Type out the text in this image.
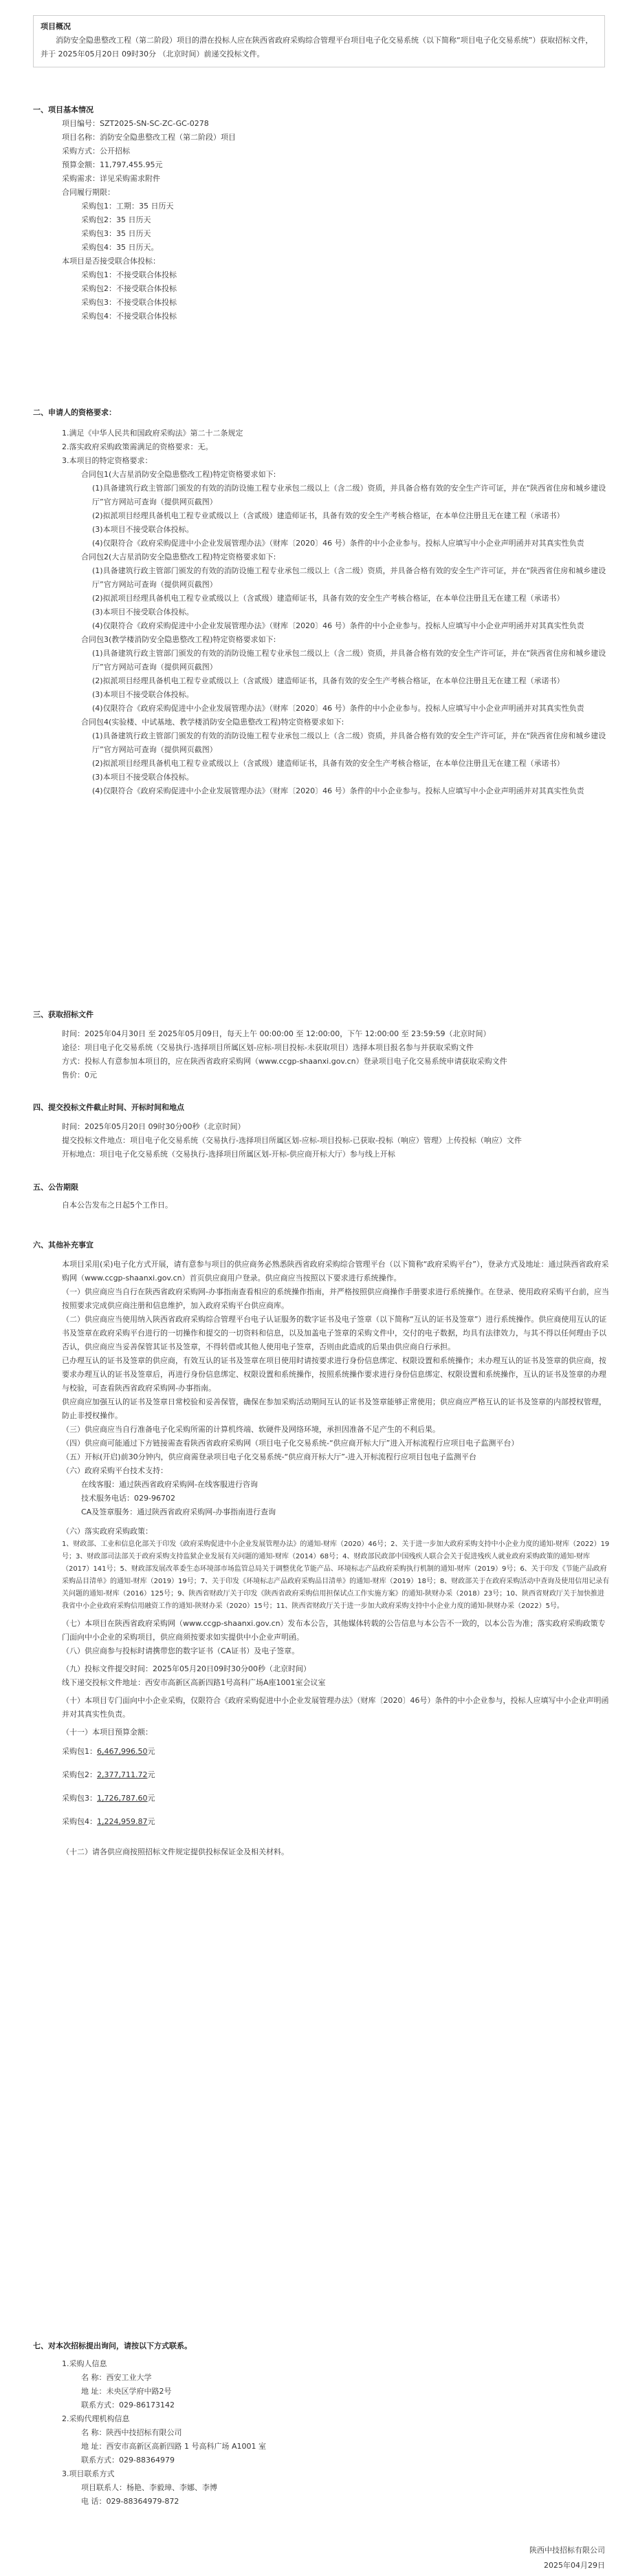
项目概况
消防安全隐患整改工程（第二阶段）项目的潜在投标人应在陕西省政府采购综合管理平台项目电子化交易系统（以下简称“项目电子化交易系统”）获取招标文件，并于 2025年05月20日 09时30分 （北京时间）前递交投标文件。
一、项目基本情况
项目编号：SZT2025-SN-SC-ZC-GC-0278
项目名称：消防安全隐患整改工程（第二阶段）项目
采购方式：公开招标
预算金额：11,797,455.95元
采购需求：详见采购需求附件
合同履行期限：
采购包1：工期：35 日历天
采购包2：35 日历天
采购包3：35 日历天
采购包4：35 日历天。
本项目是否接受联合体投标：
采购包1：不接受联合体投标
采购包2：不接受联合体投标
采购包3：不接受联合体投标
采购包4：不接受联合体投标
二、申请人的资格要求：
1.满足《中华人民共和国政府采购法》第二十二条规定
2.落实政府采购政策需满足的资格要求：无。
3.本项目的特定资格要求：
合同包1(大吉星消防安全隐患整改工程)特定资格要求如下:
(1)具备建筑行政主管部门颁发的有效的消防设施工程专业承包二级以上（含二级）资质，并具备合格有效的安全生产许可证，并在“陕西省住房和城乡建设厅”官方网站可查询（提供网页截图）
(2)拟派项目经理具备机电工程专业贰级以上（含贰级）建造师证书，具备有效的安全生产考核合格证，在本单位注册且无在建工程（承诺书）
(3)本项目不接受联合体投标。
(4)仅限符合《政府采购促进中小企业发展管理办法》（财库〔2020〕46 号）条件的中小企业参与。投标人应填写中小企业声明函并对其真实性负责
合同包2(大吉星消防安全隐患整改工程)特定资格要求如下:
(1)具备建筑行政主管部门颁发的有效的消防设施工程专业承包二级以上（含二级）资质，并具备合格有效的安全生产许可证，并在“陕西省住房和城乡建设厅”官方网站可查询（提供网页截图）
(2)拟派项目经理具备机电工程专业贰级以上（含贰级）建造师证书，具备有效的安全生产考核合格证，在本单位注册且无在建工程（承诺书）
(3)本项目不接受联合体投标。
(4)仅限符合《政府采购促进中小企业发展管理办法》（财库〔2020〕46 号）条件的中小企业参与。投标人应填写中小企业声明函并对其真实性负责
合同包3(教学楼消防安全隐患整改工程)特定资格要求如下:
(1)具备建筑行政主管部门颁发的有效的消防设施工程专业承包二级以上（含二级）资质，并具备合格有效的安全生产许可证，并在“陕西省住房和城乡建设厅”官方网站可查询（提供网页截图）
(2)拟派项目经理具备机电工程专业贰级以上（含贰级）建造师证书，具备有效的安全生产考核合格证，在本单位注册且无在建工程（承诺书）
(3)本项目不接受联合体投标。
(4)仅限符合《政府采购促进中小企业发展管理办法》（财库〔2020〕46 号）条件的中小企业参与。投标人应填写中小企业声明函并对其真实性负责
合同包4(实验楼、中试基地、教学楼消防安全隐患整改工程)特定资格要求如下:
(1)具备建筑行政主管部门颁发的有效的消防设施工程专业承包二级以上（含二级）资质，并具备合格有效的安全生产许可证，并在“陕西省住房和城乡建设厅”官方网站可查询（提供网页截图）
(2)拟派项目经理具备机电工程专业贰级以上（含贰级）建造师证书，具备有效的安全生产考核合格证，在本单位注册且无在建工程（承诺书）
(3)本项目不接受联合体投标。
(4)仅限符合《政府采购促进中小企业发展管理办法》（财库〔2020〕46 号）条件的中小企业参与。投标人应填写中小企业声明函并对其真实性负责
三、获取招标文件
时间：2025年04月30日 至 2025年05月09日，每天上午 00:00:00 至 12:00:00，下午 12:00:00 至 23:59:59（北京时间）
途径：项目电子化交易系统（交易执行-选择项目所属区划-应标-项目投标-未获取项目）选择本项目报名参与并获取采购文件
方式：投标人有意参加本项目的，应在陕西省政府采购网（www.ccgp-shaanxi.gov.cn）登录项目电子化交易系统申请获取采购文件
售价：0元
四、提交投标文件截止时间、开标时间和地点
时间：2025年05月20日 09时30分00秒（北京时间）
提交投标文件地点：项目电子化交易系统（交易执行-选择项目所属区划-应标-项目投标-已获取-投标（响应）管理）上传投标（响应）文件
开标地点：项目电子化交易系统（交易执行-选择项目所属区划-开标-供应商开标大厅）参与线上开标
五、公告期限
自本公告发布之日起5个工作日。
六、其他补充事宜
本项目采用(采)电子化方式开展，请有意参与项目的供应商务必熟悉陕西省政府采购综合管理平台（以下简称“政府采购平台”），登录方式及地址：通过陕西省政府采购网（www.ccgp-shaanxi.gov.cn）首页供应商用户登录。供应商应当按照以下要求进行系统操作。
（一）供应商应当自行在陕西省政府采购网-办事指南查看相应的系统操作指南，并严格按照供应商操作手册要求进行系统操作。在登录、使用政府采购平台前，应当按照要求完成供应商注册和信息维护，加入政府采购平台供应商库。
（二）供应商应当使用纳入陕西省政府采购综合管理平台电子认证服务的数字证书及电子签章（以下简称“互认的证书及签章”）进行系统操作。供应商使用互认的证书及签章在政府采购平台进行的一切操作和提交的一切资料和信息，以及加盖电子签章的采购文件中，交付的电子数据，均具有法律效力，与其不得以任何理由予以否认，供应商应当妥善保管其证书及签章，不得转借或其他人使用电子签章，否则由此造成的后果由供应商自行承担。
已办理互认的证书及签章的供应商，有效互认的证书及签章在项目使用时请按要求进行身份信息绑定、权限设置和系统操作；未办理互认的证书及签章的供应商，按要求办理互认的证书及签章后，再进行身份信息绑定、权限设置和系统操作，按照系统操作要求进行身份信息绑定、权限设置和系统操作，互认的证书及签章的办理与校验，可查看陕西省政府采购网-办事指南。
供应商应加强互认的证书及签章日常校验和妥善保管，确保在参加采购活动期间互认的证书及签章能够正常使用；供应商应严格互认的证书及签章的内部授权管理，防止非授权操作。
（三）供应商应当自行准备电子化采购所需的计算机终端、软硬件及网络环境，承担因准备不足产生的不利后果。
（四）供应商可能通过下方链接需查看陕西省政府采购网（项目电子化交易系统-“供应商开标大厅”进入开标流程行应项目电子监测平台）
（五）开标(开启)前30分钟内，供应商需登录项目电子化交易系统-“供应商开标大厅”-进入开标流程行应项目包电子监测平台
（六）政府采购平台技术支持：
在线客服：通过陕西省政府采购网-在线客服进行咨询
技术服务电话：029-96702
CA及签章服务：通过陕西省政府采购网-办事指南进行查询
（六）落实政府采购政策：
1、财政部、工业和信息化部关于印发《政府采购促进中小企业发展管理办法》的通知-财库（2020）46号；2、关于进一步加大政府采购支持中小企业力度的通知-财库（2022）19号；3、财政部司法部关于政府采购支持监狱企业发展有关问题的通知-财库（2014）68号；4、财政部民政部中国残疾人联合会关于促进残疾人就业政府采购政策的通知-财库（2017）141号；5、财政部发展改革委生态环境部市场监管总局关于调整优化节能产品、环境标志产品政府采购执行机制的通知-财库（2019）9号；6、关于印发《节能产品政府采购品目清单》的通知-财库（2019）19号；7、关于印发《环境标志产品政府采购品目清单》的通知-财库（2019）18号；8、财政部关于在政府采购活动中查询及使用信用记录有关问题的通知-财库（2016）125号；9、陕西省财政厅关于印发《陕西省政府采购信用担保试点工作实施方案》的通知-陕财办采（2018）23号；10、陕西省财政厅关于加快推进我省中小企业政府采购信用融资工作的通知-陕财办采（2020）15号；11、陕西省财政厅关于进一步加大政府采购支持中小企业力度的通知-陕财办采（2022）5号。
（七）本项目在陕西省政府采购网（www.ccgp-shaanxi.gov.cn）发布本公告，其他媒体转载的公告信息与本公告不一致的，以本公告为准；落实政府采购政策专门面向中小企业的采购项目，供应商须按要求如实提供中小企业声明函。
（八）供应商参与投标时请携带您的数字证书（CA证书）及电子签章。
（九）投标文件提交时间：2025年05月20日09时30分00秒（北京时间）
线下递交投标文件地址：西安市高新区高新四路1号高科广场A座1001室会议室
（十）本项目专门面向中小企业采购，仅限符合《政府采购促进中小企业发展管理办法》（财库〔2020〕46号）条件的中小企业参与，投标人应填写中小企业声明函并对其真实性负责。
（十一）本项目预算金额：
采购包1：6,467,996.50元
采购包2：2,377,711.72元
采购包3：1,726,787.60元
采购包4：1,224,959.87元
（十二）请各供应商按照招标文件规定提供投标保证金及相关材料。
七、对本次招标提出询问，请按以下方式联系。
1.采购人信息
名 称：西安工业大学
地 址：未央区学府中路2号
联系方式：029-86173142
2.采购代理机构信息
名 称：陕西中技招标有限公司
地 址：西安市高新区高新四路 1 号高科广场 A1001 室
联系方式：029-88364979
3.项目联系方式
项目联系人：杨艳、李毅璋、李娜、李博
电 话：029-88364979-872
陕西中技招标有限公司
2025年04月29日
